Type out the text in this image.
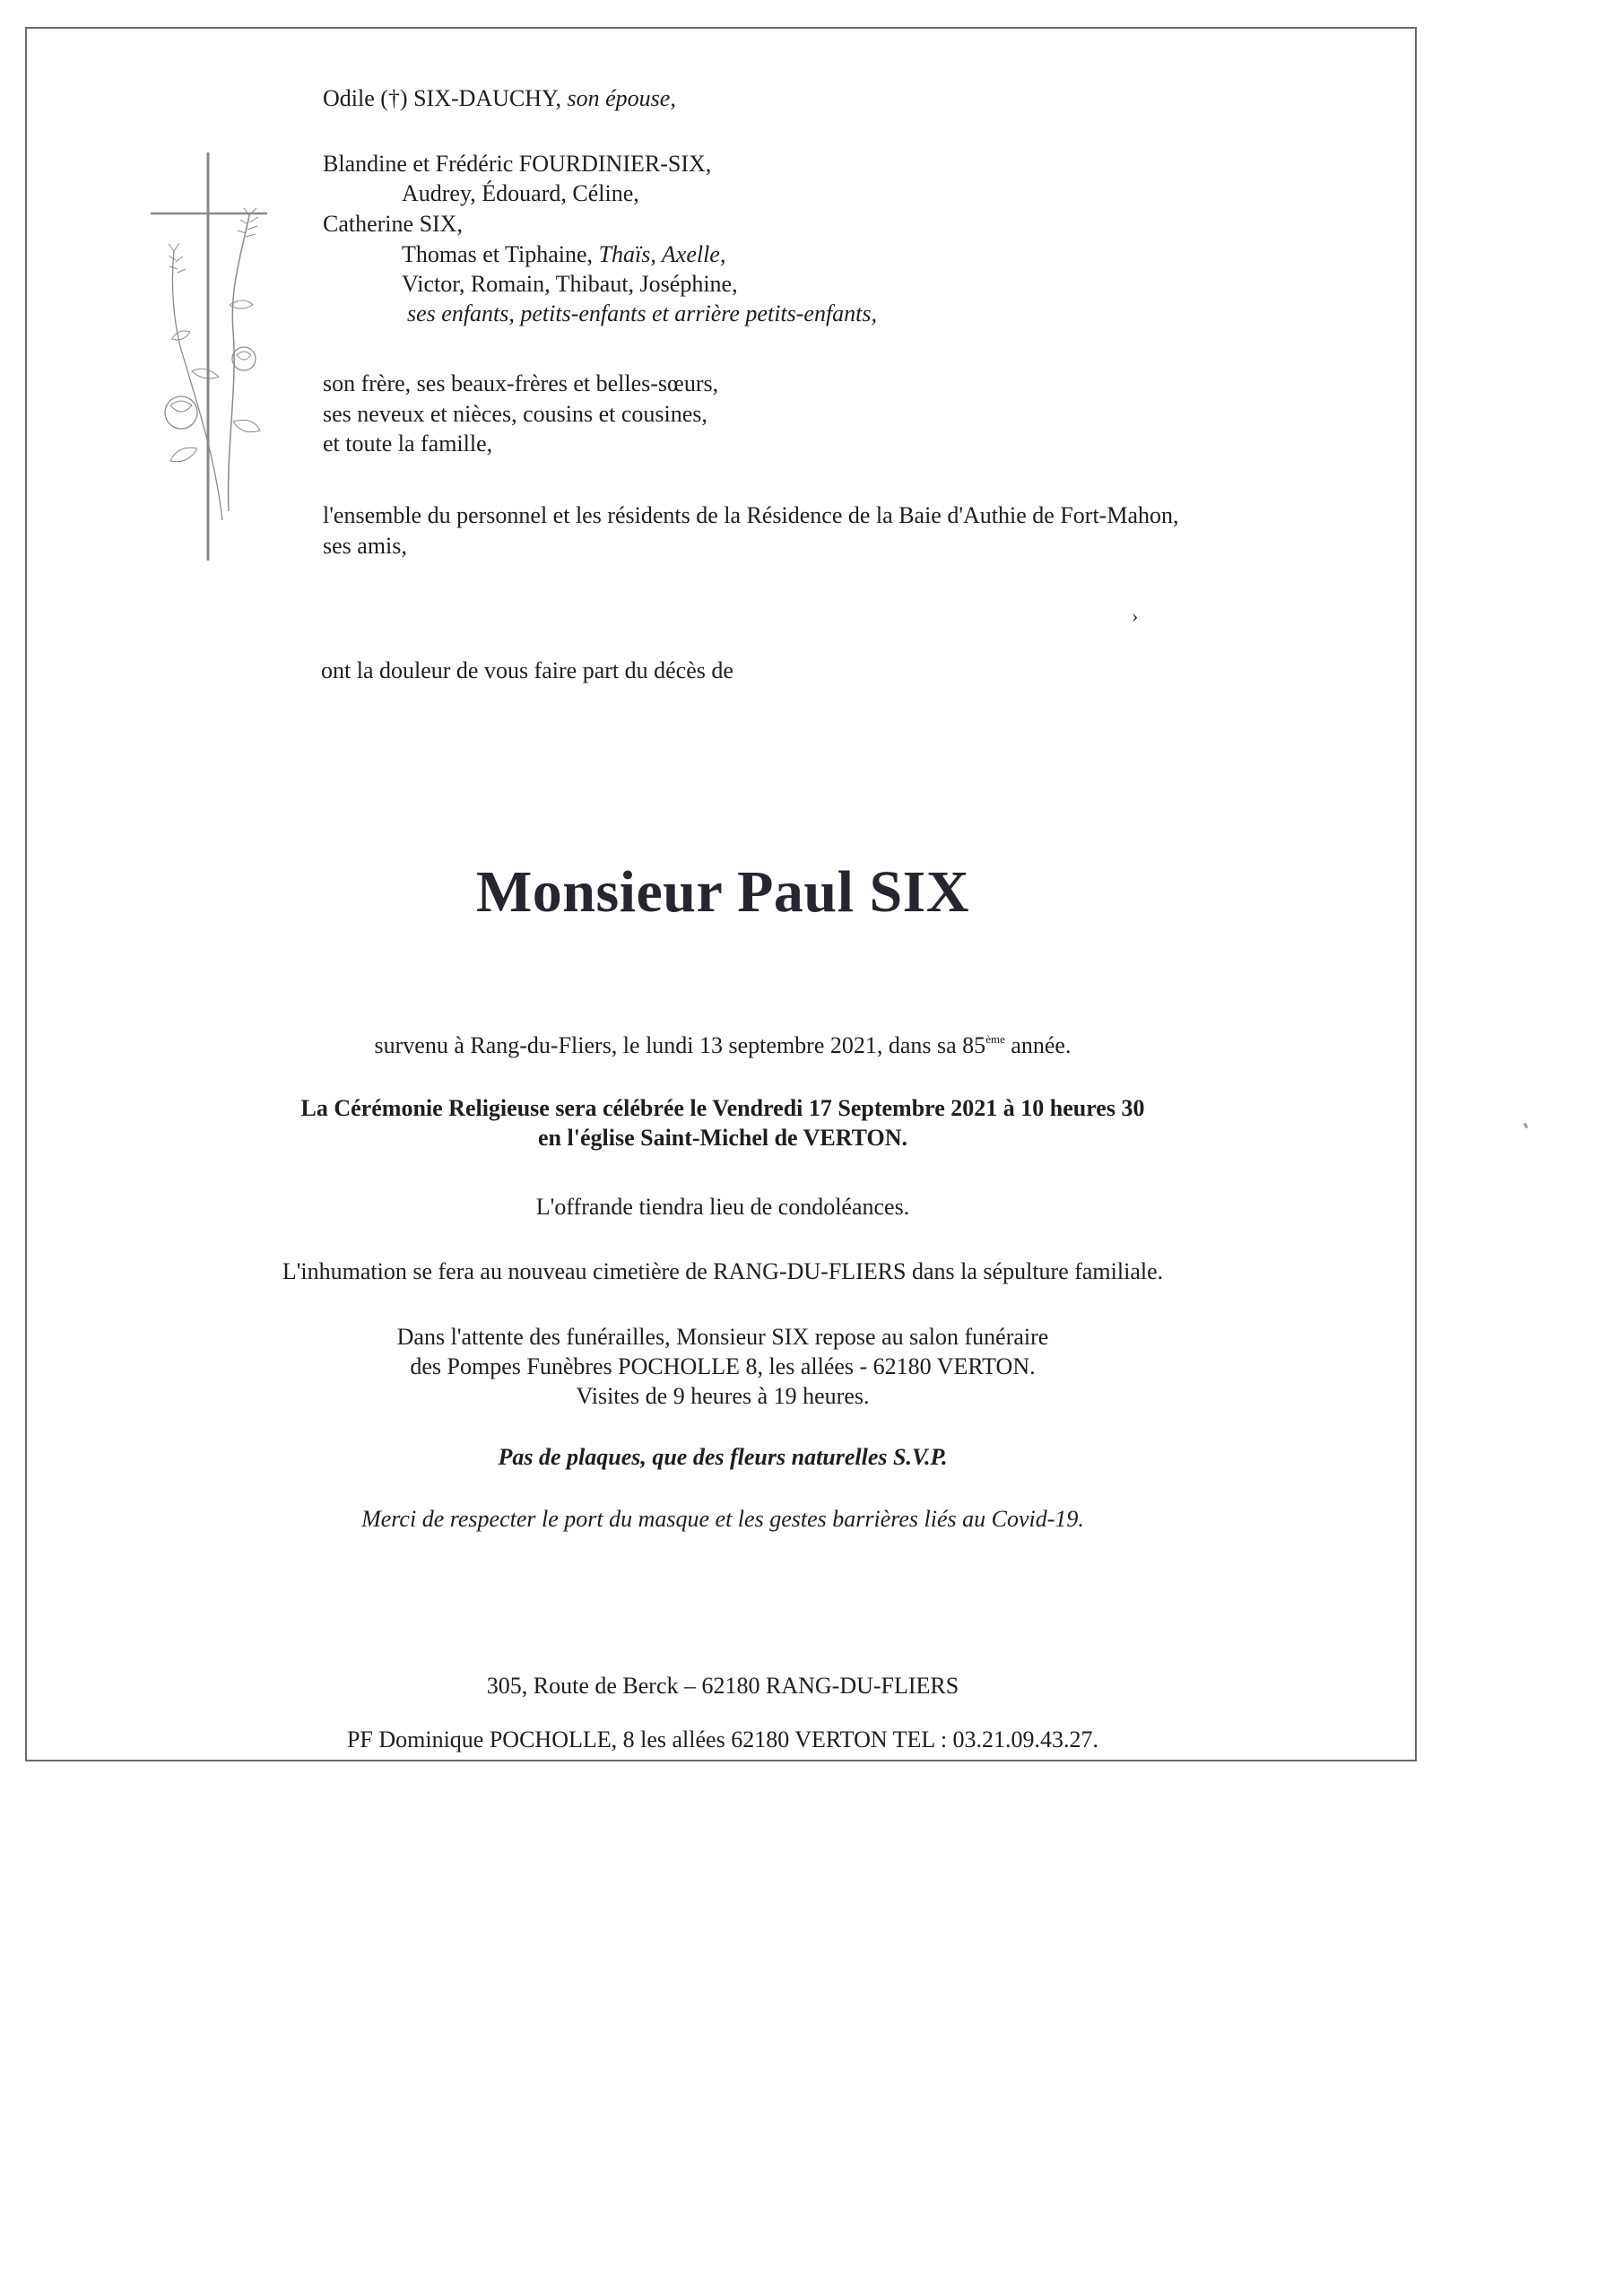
Odile (†) SIX-DAUCHY, son épouse,
Blandine et Frédéric FOURDINIER-SIX,
Audrey, Édouard, Céline,
Catherine SIX,
Thomas et Tiphaine, Thaïs, Axelle,
Victor, Romain, Thibaut, Joséphine,
ses enfants, petits-enfants et arrière petits-enfants,
son frère, ses beaux-frères et belles-sœurs,
ses neveux et nièces, cousins et cousines,
et toute la famille,
l'ensemble du personnel et les résidents de la Résidence de la Baie d'Authie de Fort-Mahon,
ses amis,
›
ont la douleur de vous faire part du décès de
Monsieur Paul SIX
survenu à Rang-du-Fliers, le lundi 13 septembre 2021, dans sa 85ème année.
La Cérémonie Religieuse sera célébrée le Vendredi 17 Septembre 2021 à 10 heures 30
en l'église Saint-Michel de VERTON.
L'offrande tiendra lieu de condoléances.
L'inhumation se fera au nouveau cimetière de RANG-DU-FLIERS dans la sépulture familiale.
Dans l'attente des funérailles, Monsieur SIX repose au salon funéraire
des Pompes Funèbres POCHOLLE 8, les allées - 62180 VERTON.
Visites de 9 heures à 19 heures.
Pas de plaques, que des fleurs naturelles S.V.P.
Merci de respecter le port du masque et les gestes barrières liés au Covid-19.
305, Route de Berck – 62180 RANG-DU-FLIERS
PF Dominique POCHOLLE, 8 les allées 62180 VERTON TEL : 03.21.09.43.27.
